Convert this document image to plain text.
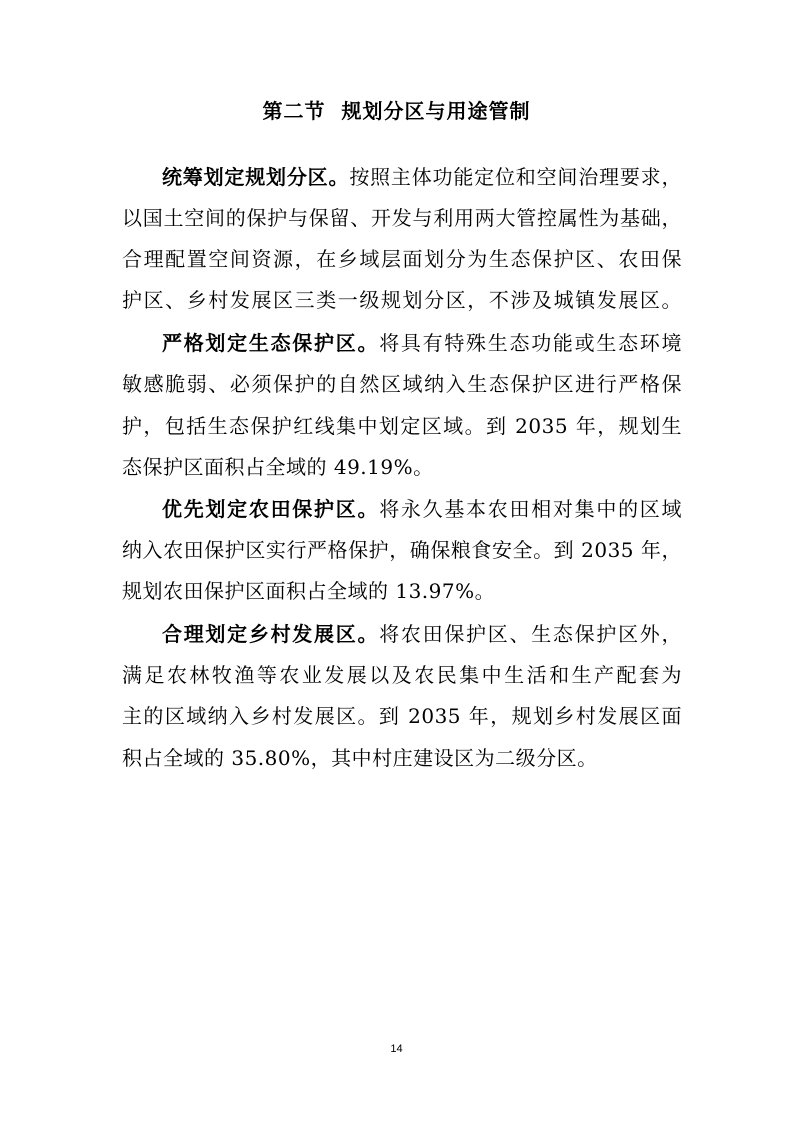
第二节  规划分区与用途管制
统筹划定规划分区。按照主体功能定位和空间治理要求，
以国土空间的保护与保留、开发与利用两大管控属性为基础，
合理配置空间资源，在乡域层面划分为生态保护区、农田保
护区、乡村发展区三类一级规划分区，不涉及城镇发展区。
严格划定生态保护区。将具有特殊生态功能或生态环境
敏感脆弱、必须保护的自然区域纳入生态保护区进行严格保
护，包括生态保护红线集中划定区域。到 2035 年，规划生
态保护区面积占全域的 49.19%。
优先划定农田保护区。将永久基本农田相对集中的区域
纳入农田保护区实行严格保护，确保粮食安全。到 2035 年，
规划农田保护区面积占全域的 13.97%。
合理划定乡村发展区。将农田保护区、生态保护区外，
满足农林牧渔等农业发展以及农民集中生活和生产配套为
主的区域纳入乡村发展区。到 2035 年，规划乡村发展区面
积占全域的 35.80%，其中村庄建设区为二级分区。
14
